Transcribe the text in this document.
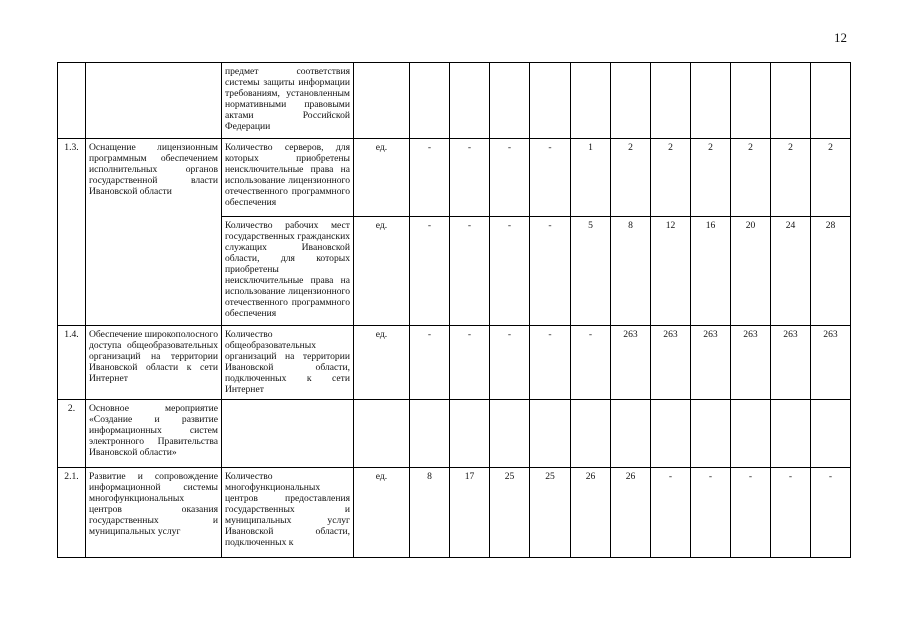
12
		предмет соответствия системы защиты информации требованиям, установленным нормативными правовыми актами Российской Федерации												
1.3.	Оснащение лицензионным программным обеспечением исполнительных органов государственной власти Ивановской области	Количество серверов, для которых приобретены неисключительные права на использование лицензионного отечественного программного обеспечения	ед.	-	-	-	-	1	2	2	2	2	2	2
		Количество рабочих мест государственных гражданских служащих Ивановской области, для которых приобретены неисключительные права на использование лицензионного отечественного программного обеспечения	ед.	-	-	-	-	5	8	12	16	20	24	28
1.4.	Обеспечение широкополосного доступа общеобразовательных организаций на территории Ивановской области к сети Интернет	Количество общеобразовательных организаций на территории Ивановской области, подключенных к сети Интернет	ед.	-	-	-	-	-	263	263	263	263	263	263
2.	Основное мероприятие «Создание и развитие информационных систем электронного Правительства Ивановской области»													
2.1.	Развитие и сопровождение информационной системы многофункциональных центров оказания государственных и муниципальных услуг	Количество многофункциональных центров предоставления государственных и муниципальных услуг Ивановской области, подключенных к	ед.	8	17	25	25	26	26	-	-	-	-	-
